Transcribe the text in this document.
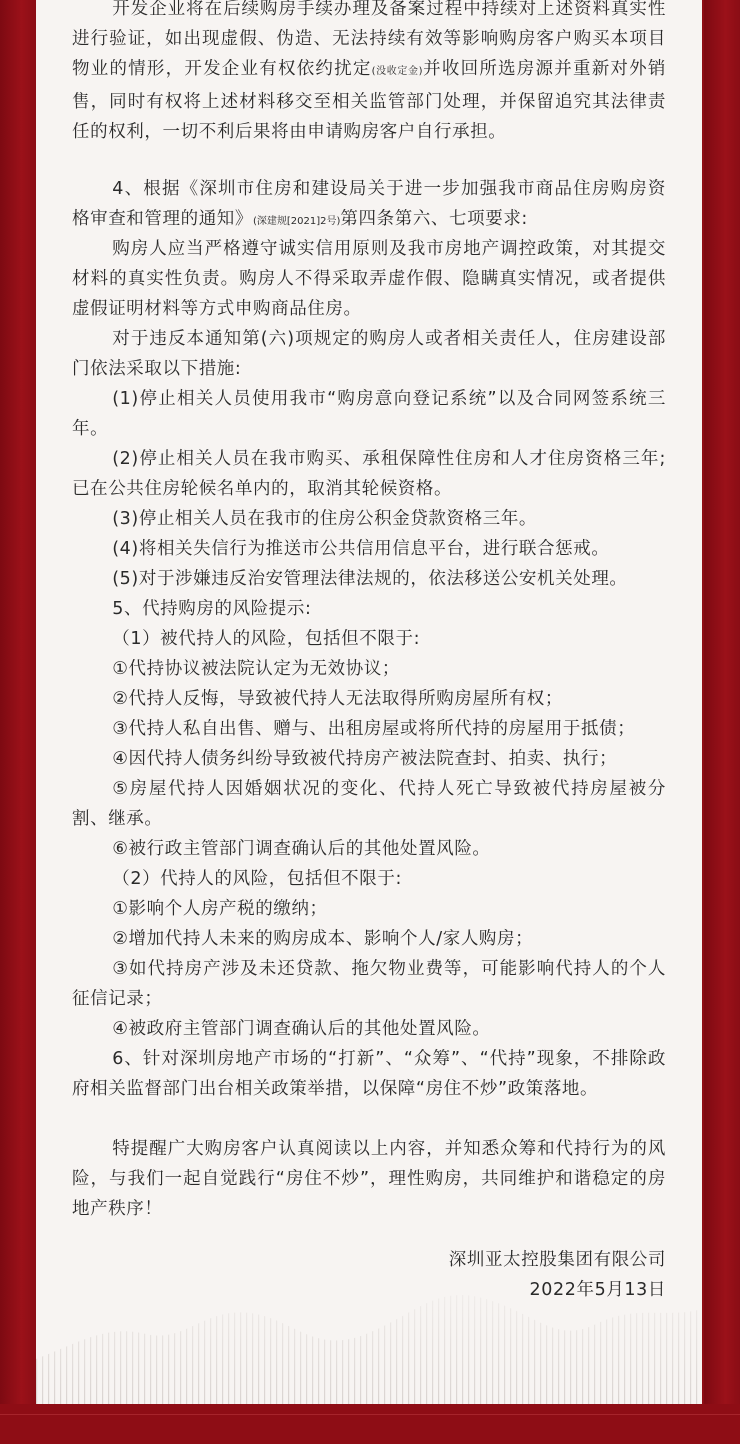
开发企业将在后续购房手续办理及备案过程中持续对上述资料真实性进行验证，如出现虚假、伪造、无法持续有效等影响购房客户购买本项目物业的情形，开发企业有权依约扰定(没收定金)并收回所选房源并重新对外销售，同时有权将上述材料移交至相关监管部门处理，并保留追究其法律责任的权利，一切不利后果将由申请购房客户自行承担。

4、根据《深圳市住房和建设局关于进一步加强我市商品住房购房资格审查和管理的通知》(深建规[2021]2号)第四条第六、七项要求:

购房人应当严格遵守诚实信用原则及我市房地产调控政策，对其提交材料的真实性负责。购房人不得采取弄虚作假、隐瞒真实情况，或者提供虚假证明材料等方式申购商品住房。

对于违反本通知第(六)项规定的购房人或者相关责任人，住房建设部门依法采取以下措施:

(1)停止相关人员使用我市“购房意向登记系统”以及合同网签系统三年。

(2)停止相关人员在我市购买、承租保障性住房和人才住房资格三年;已在公共住房轮候名单内的，取消其轮候资格。

(3)停止相关人员在我市的住房公积金贷款资格三年。

(4)将相关失信行为推送市公共信用信息平台，进行联合惩戒。

(5)对于涉嫌违反治安管理法律法规的，依法移送公安机关处理。

5、代持购房的风险提示:

（1）被代持人的风险，包括但不限于:

①代持协议被法院认定为无效协议；

②代持人反悔，导致被代持人无法取得所购房屋所有权；

③代持人私自出售、赠与、出租房屋或将所代持的房屋用于抵债；

④因代持人债务纠纷导致被代持房产被法院查封、拍卖、执行；

⑤房屋代持人因婚姻状况的变化、代持人死亡导致被代持房屋被分割、继承。

⑥被行政主管部门调查确认后的其他处置风险。

（2）代持人的风险，包括但不限于:

①影响个人房产税的缴纳；

②增加代持人未来的购房成本、影响个人/家人购房；

③如代持房产涉及未还贷款、拖欠物业费等，可能影响代持人的个人征信记录；

④被政府主管部门调查确认后的其他处置风险。

6、针对深圳房地产市场的“打新”、“众筹”、“代持”现象，不排除政府相关监督部门出台相关政策举措，以保障“房住不炒”政策落地。

特提醒广大购房客户认真阅读以上内容，并知悉众筹和代持行为的风险，与我们一起自觉践行“房住不炒”，理性购房，共同维护和谐稳定的房地产秩序！

深圳亚太控股集团有限公司
2022年5月13日
